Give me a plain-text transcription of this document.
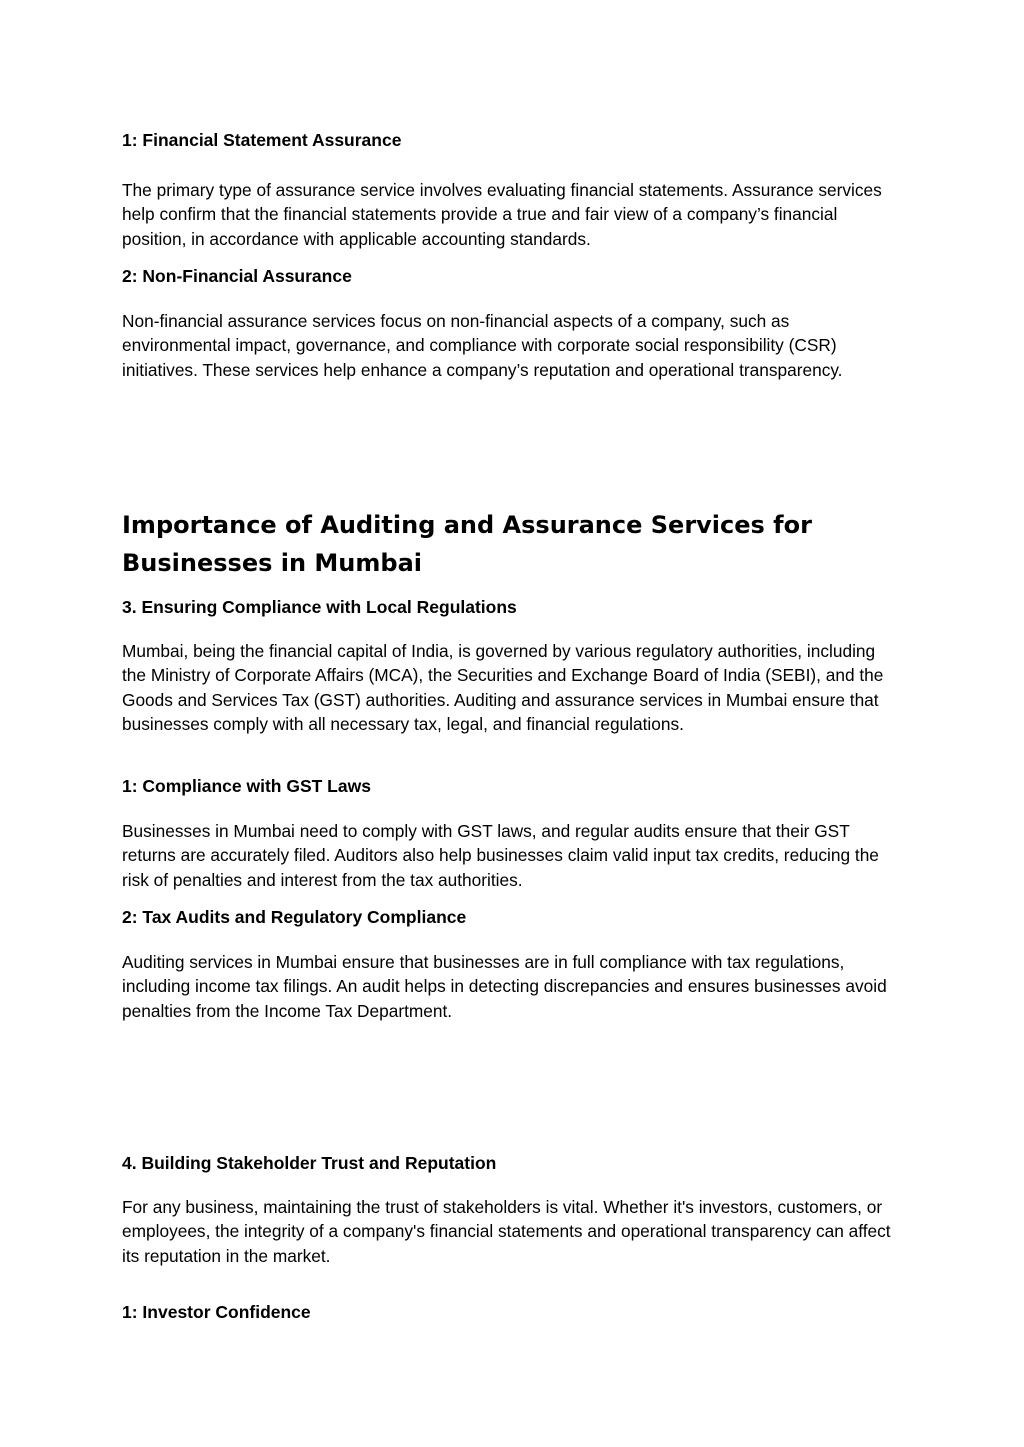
1: Financial Statement Assurance

The primary type of assurance service involves evaluating financial statements. Assurance services help confirm that the financial statements provide a true and fair view of a company’s financial position, in accordance with applicable accounting standards.

2: Non-Financial Assurance

Non-financial assurance services focus on non-financial aspects of a company, such as environmental impact, governance, and compliance with corporate social responsibility (CSR) initiatives. These services help enhance a company’s reputation and operational transparency.

Importance of Auditing and Assurance Services for Businesses in Mumbai
3. Ensuring Compliance with Local Regulations

Mumbai, being the financial capital of India, is governed by various regulatory authorities, including the Ministry of Corporate Affairs (MCA), the Securities and Exchange Board of India (SEBI), and the Goods and Services Tax (GST) authorities. Auditing and assurance services in Mumbai ensure that businesses comply with all necessary tax, legal, and financial regulations.

1: Compliance with GST Laws

Businesses in Mumbai need to comply with GST laws, and regular audits ensure that their GST returns are accurately filed. Auditors also help businesses claim valid input tax credits, reducing the risk of penalties and interest from the tax authorities.

2: Tax Audits and Regulatory Compliance

Auditing services in Mumbai ensure that businesses are in full compliance with tax regulations, including income tax filings. An audit helps in detecting discrepancies and ensures businesses avoid penalties from the Income Tax Department.

4. Building Stakeholder Trust and Reputation

For any business, maintaining the trust of stakeholders is vital. Whether it's investors, customers, or employees, the integrity of a company's financial statements and operational transparency can affect its reputation in the market.

1: Investor Confidence
